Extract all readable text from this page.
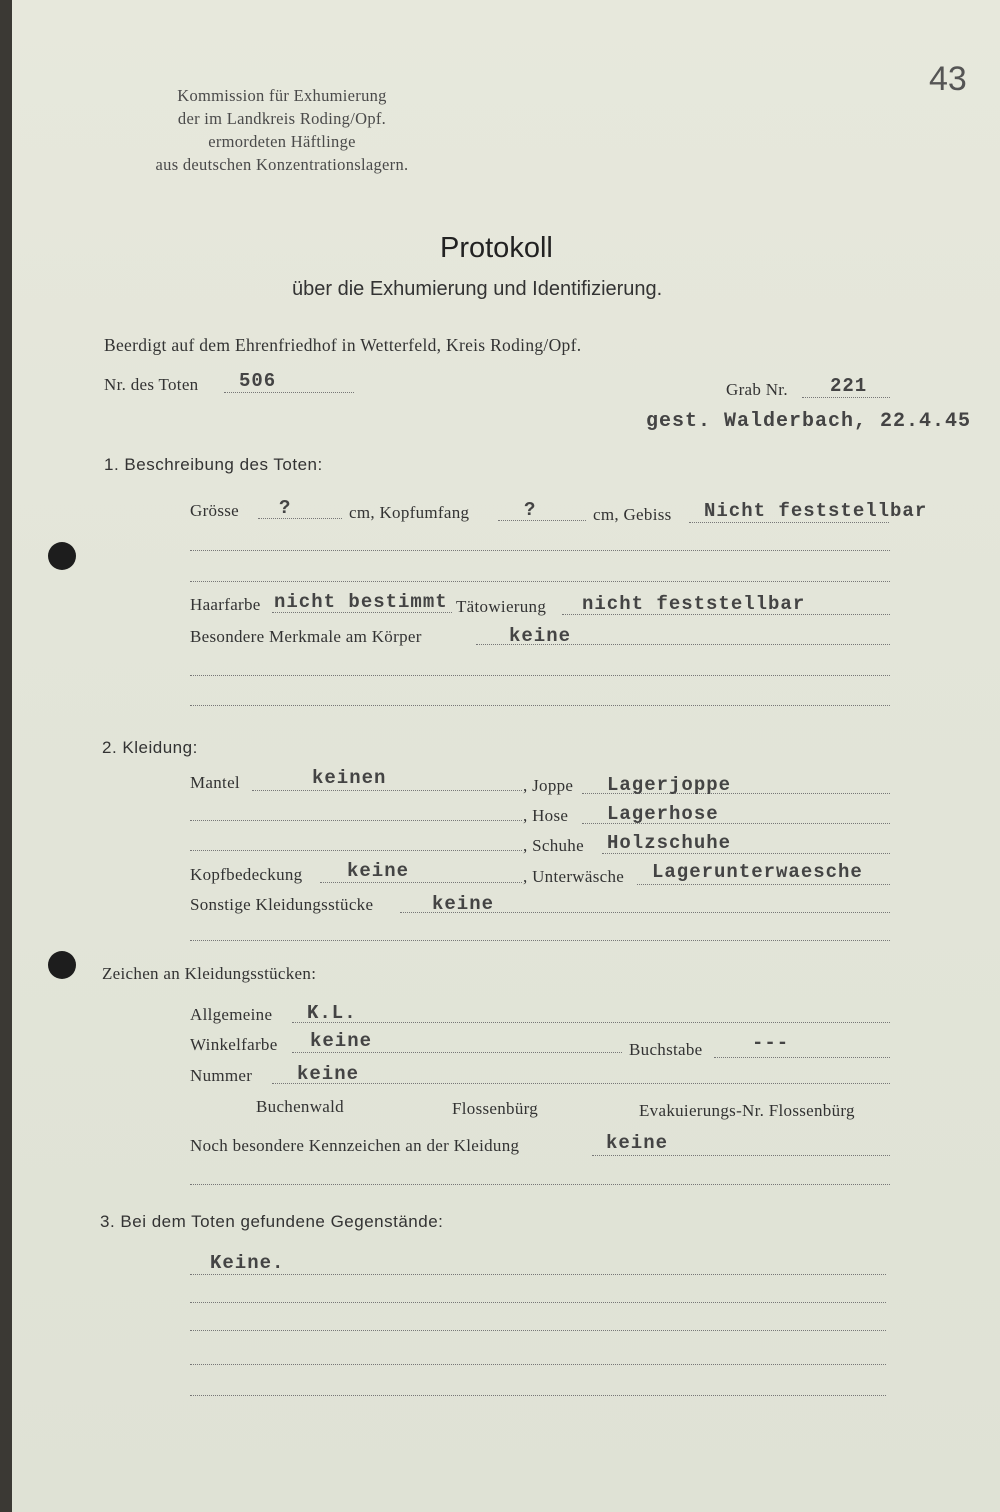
43
Kommission für Exhumierung
der im Landkreis Roding/Opf.
ermordeten Häftlinge
aus deutschen Konzentrationslagern.
Protokoll
über die Exhumierung und Identifizierung.
Beerdigt auf dem Ehrenfriedhof in Wetterfeld, Kreis Roding/Opf.
Nr. des Toten 506	Grab Nr. 221
gest. Walderbach, 22.4.45
1. Beschreibung des Toten:
Grösse ?	cm, Kopfumfang	?	cm, Gebiss Nicht feststellbar
Haarfarbe nicht bestimmt Tätowierung nicht feststellbar
Besondere Merkmale am Körper	keine
2. Kleidung:
Mantel	keinen	, Joppe Lagerjoppe
, Hose Lagerhose
, Schuhe Holzschuhe
Kopfbedeckung keine	, Unterwäsche Lagerunterwaesche
Sonstige Kleidungsstücke	keine
Zeichen an Kleidungsstücken:
Allgemeine K.L.
Winkelfarbe keine	Buchstabe	---
Nummer keine
Buchenwald	Flossenbürg	Evakuierungs-Nr. Flossenbürg
Noch besondere Kennzeichen an der Kleidung	keine
3. Bei dem Toten gefundene Gegenstände:
Keine.
